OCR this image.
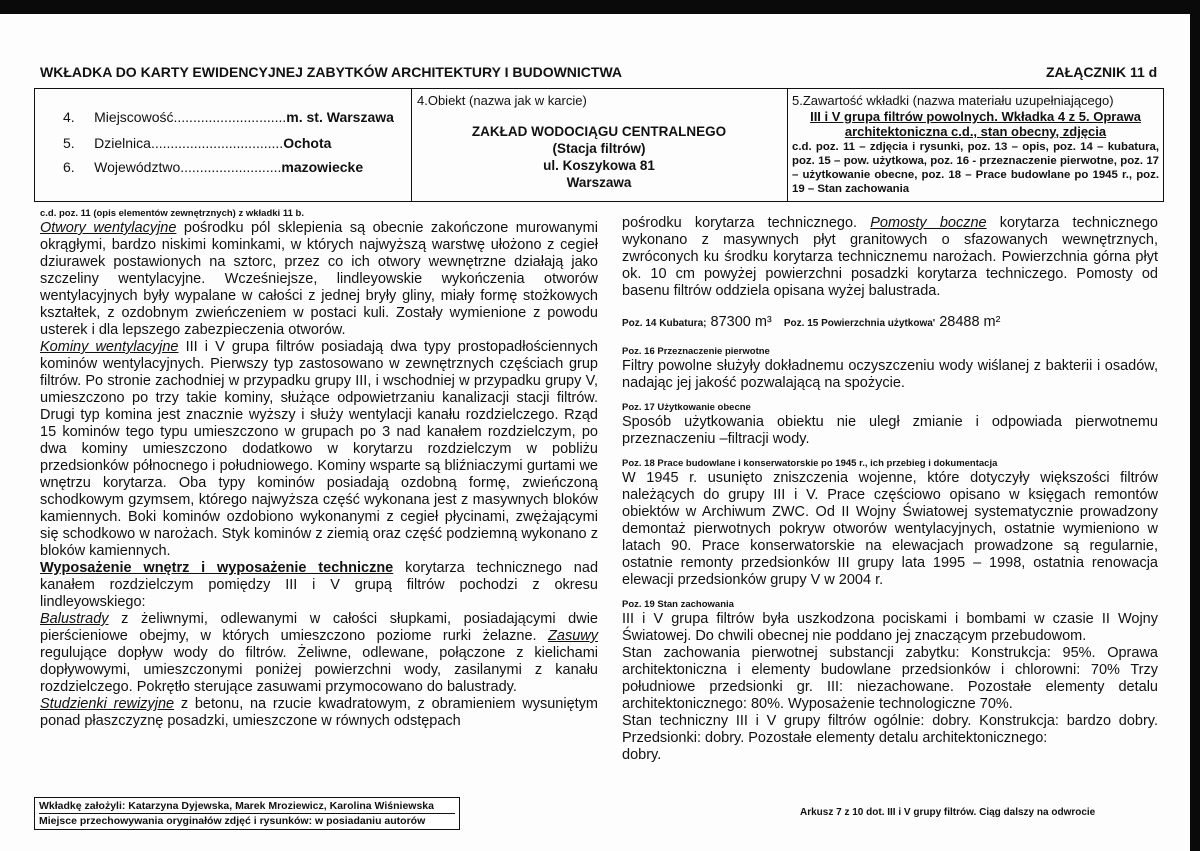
WKŁADKA DO KARTY EWIDENCYJNEJ ZABYTKÓW ARCHITEKTURY I BUDOWNICTWA	ZAŁĄCZNIK 11 d
4. Miejscowość.............................m. st. Warszawa
5. Dzielnica..................................Ochota
6. Województwo..........................mazowiecke
4.Obiekt (nazwa jak w karcie)
ZAKŁAD WODOCIĄGU CENTRALNEGO
(Stacja filtrów)
ul. Koszykowa 81
Warszawa
5.Zawartość wkładki (nazwa materiału uzupełniającego)
III i V grupa filtrów powolnych. Wkładka 4 z 5. Oprawa architektoniczna c.d., stan obecny, zdjęcia
c.d. poz. 11 – zdjęcia i rysunki, poz. 13 – opis, poz. 14 – kubatura, poz. 15 – pow. użytkowa, poz. 16 - przeznaczenie pierwotne, poz. 17 – użytkowanie obecne, poz. 18 – Prace budowlane po 1945 r., poz. 19 – Stan zachowania

c.d. poz. 11 (opis elementów zewnętrznych) z wkładki 11 b.

Otwory wentylacyjne pośrodku pól sklepienia są obecnie zakończone murowanymi okrągłymi, bardzo niskimi kominkami, w których najwyższą warstwę ułożono z cegieł dziurawek postawionych na sztorc, przez co ich otwory wewnętrzne działają jako szczeliny wentylacyjne. Wcześniejsze, lindleyowskie wykończenia otworów wentylacyjnych były wypalane w całości z jednej bryły gliny, miały formę stożkowych kształtek, z ozdobnym zwieńczeniem w postaci kuli. Zostały wymienione z powodu usterek i dla lepszego zabezpieczenia otworów.

Kominy wentylacyjne III i V grupa filtrów posiadają dwa typy prostopadłościennych kominów wentylacyjnych. Pierwszy typ zastosowano w zewnętrznych częściach grup filtrów. Po stronie zachodniej w przypadku grupy III, i wschodniej w przypadku grupy V, umieszczono po trzy takie kominy, służące odpowietrzaniu kanalizacji stacji filtrów. Drugi typ komina jest znacznie wyższy i służy wentylacji kanału rozdzielczego. Rząd 15 kominów tego typu umieszczono w grupach po 3 nad kanałem rozdzielczym, po dwa kominy umieszczono dodatkowo w korytarzu rozdzielczym w pobliżu przedsionków północnego i południowego. Kominy wsparte są bliźniaczymi gurtami we wnętrzu korytarza. Oba typy kominów posiadają ozdobną formę, zwieńczoną schodkowym gzymsem, którego najwyższa część wykonana jest z masywnych bloków kamiennych. Boki kominów ozdobiono wykonanymi z cegieł płycinami, zwężającymi się schodkowo w narożach. Styk kominów z ziemią oraz część podziemną wykonano z bloków kamiennych.

Wyposażenie wnętrz i wyposażenie techniczne korytarza technicznego nad kanałem rozdzielczym pomiędzy III i V grupą filtrów pochodzi z okresu lindleyowskiego:

Balustrady z żeliwnymi, odlewanymi w całości słupkami, posiadającymi dwie pierścieniowe obejmy, w których umieszczono poziome rurki żelazne. Zasuwy regulujące dopływ wody do filtrów. Żeliwne, odlewane, połączone z kielichami dopływowymi, umieszczonymi poniżej powierzchni wody, zasilanymi z kanału rozdzielczego. Pokrętło sterujące zasuwami przymocowano do balustrady.

Studzienki rewizyjne z betonu, na rzucie kwadratowym, z obramieniem wysuniętym ponad płaszczyznę posadzki, umieszczone w równych odstępach

pośrodku korytarza technicznego. Pomosty boczne korytarza technicznego wykonano z masywnych płyt granitowych o sfazowanych wewnętrznych, zwróconych ku środku korytarza technicznemu narożach. Powierzchnia górna płyt ok. 10 cm powyżej powierzchni posadzki korytarza techniczego. Pomosty od basenu filtrów oddziela opisana wyżej balustrada.

Poz. 14 Kubatura; 87300 m³ Poz. 15 Powierzchnia użytkowa' 28488 m²

Poz. 16 Przeznaczenie pierwotne

Filtry powolne służyły dokładnemu oczyszczeniu wody wiślanej z bakterii i osadów, nadając jej jakość pozwalającą na spożycie.

Poz. 17 Użytkowanie obecne

Sposób użytkowania obiektu nie uległ zmianie i odpowiada pierwotnemu przeznaczeniu –filtracji wody.

Poz. 18 Prace budowlane i konserwatorskie po 1945 r., ich przebieg i dokumentacja

W 1945 r. usunięto zniszczenia wojenne, które dotyczyły większości filtrów należących do grupy III i V. Prace częściowo opisano w księgach remontów obiektów w Archiwum ZWC. Od II Wojny Światowej systematycznie prowadzony demontaż pierwotnych pokryw otworów wentylacyjnych, ostatnie wymieniono w latach 90. Prace konserwatorskie na elewacjach prowadzone są regularnie, ostatnie remonty przedsionków III grupy lata 1995 – 1998, ostatnia renowacja elewacji przedsionków grupy V w 2004 r.

Poz. 19 Stan zachowania

III i V grupa filtrów była uszkodzona pociskami i bombami w czasie II Wojny Światowej. Do chwili obecnej nie poddano jej znaczącym przebudowom.

Stan zachowania pierwotnej substancji zabytku: Konstrukcja: 95%. Oprawa architektoniczna i elementy budowlane przedsionków i chlorowni: 70% Trzy południowe przedsionki gr. III: niezachowane. Pozostałe elementy detalu architektonicznego: 80%. Wyposażenie technologiczne 70%.

Stan techniczny III i V grupy filtrów ogólnie: dobry. Konstrukcja: bardzo dobry. Przedsionki: dobry. Pozostałe elementy detalu architektonicznego:

dobry.

Wkładkę założyli: Katarzyna Dyjewska, Marek Mroziewicz, Karolina Wiśniewska
Miejsce przechowywania oryginałów zdjęć i rysunków: w posiadaniu autorów
Arkusz 7 z 10 dot. III i V grupy filtrów. Ciąg dalszy na odwrocie
